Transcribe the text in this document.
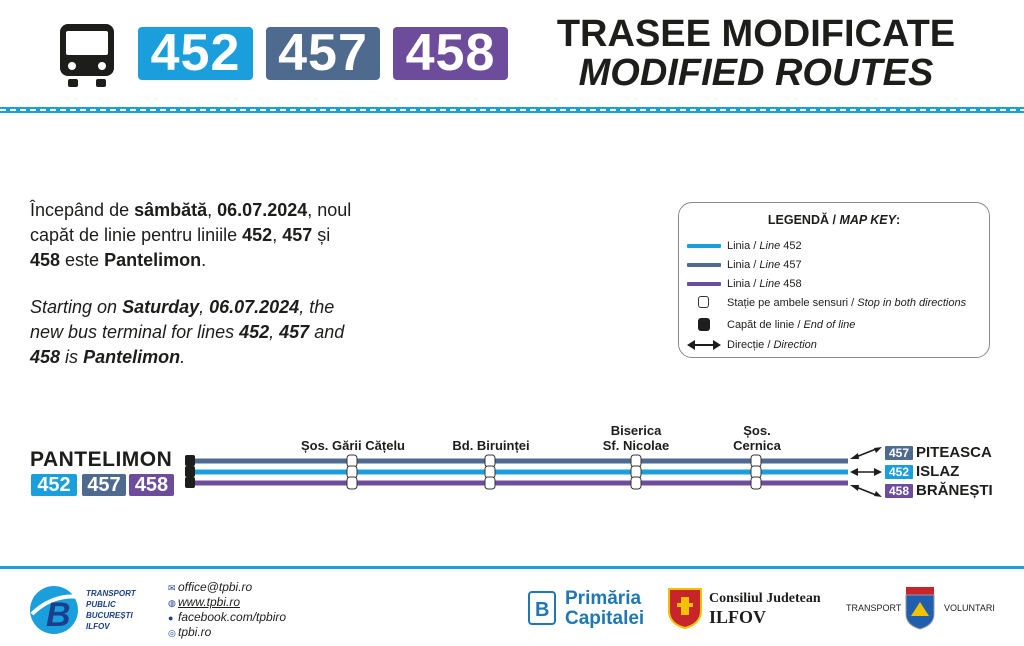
452 457 458	TRASEE MODIFICATE
MODIFIED ROUTES
Începând de sâmbătă, 06.07.2024, noul capăt de linie pentru liniile 452, 457 și 458 este Pantelimon.
Starting on Saturday, 06.07.2024, the new bus terminal for lines 452, 457 and 458 is Pantelimon.
LEGENDĂ / MAP KEY:
Linia / Line 452
Linia / Line 457
Linia / Line 458
Stație pe ambele sensuri / Stop in both directions
Capăt de linie / End of line
Direcție / Direction
PANTELIMON
452 457 458
Șos. Gării Cățelu	Bd. Biruinței
Biserica
Sf. Nicolae
Șos.
Cernica	457 PITEASCA
452 ISLAZ
458 BRĂNEȘTI
B
TRANSPORT
PUBLIC
BUCUREȘTI
ILFOV
✉ office@tpbi.ro
◍ www.tpbi.ro
● facebook.com/tpbiro
◎ tpbi.ro
B
Primăria
Capitalei
Consiliul Judetean
ILFOV	TRANSPORT	VOLUNTARI
